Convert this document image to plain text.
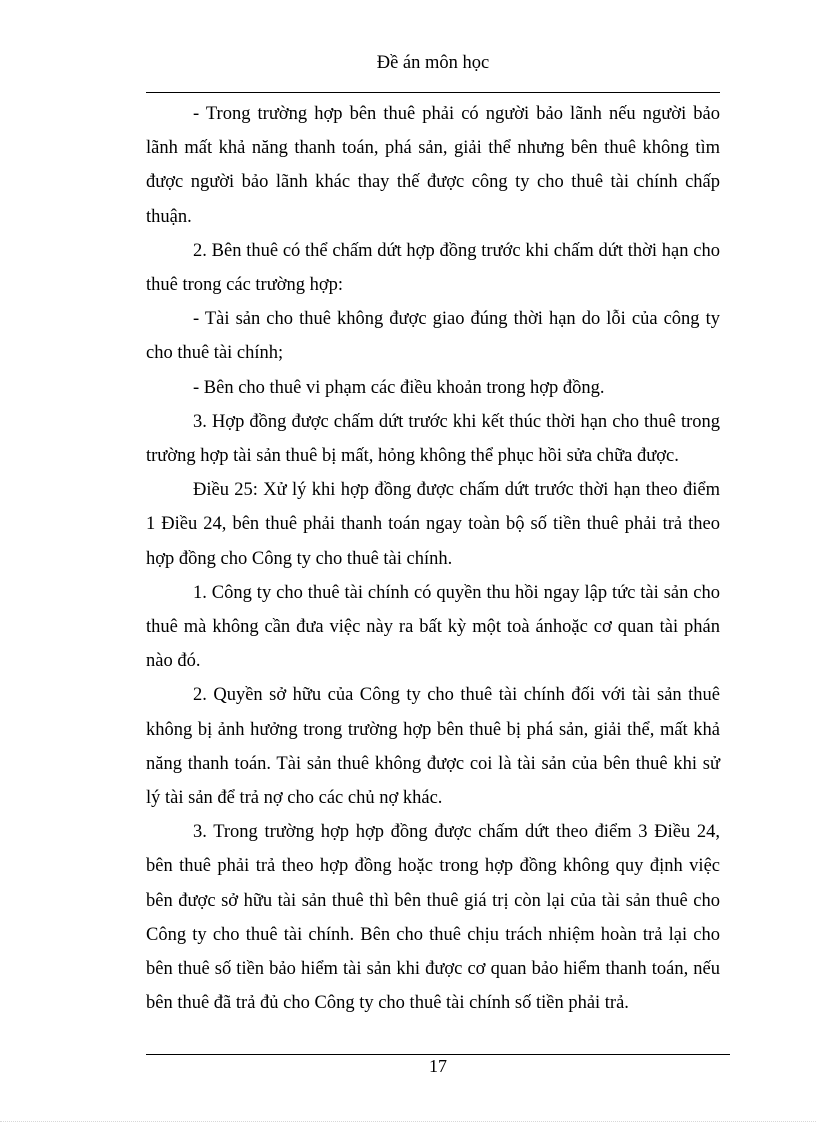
Đề án môn học

- Trong trường hợp bên thuê phải có người bảo lãnh nếu người bảo lãnh mất khả năng thanh toán, phá sản, giải thể nhưng bên thuê không tìm được người bảo lãnh khác thay thế được công ty cho thuê tài chính chấp thuận.

2. Bên thuê có thể chấm dứt hợp đồng trước khi chấm dứt thời hạn cho thuê trong các trường hợp:

- Tài sản cho thuê không được giao đúng thời hạn do lỗi của công ty cho thuê tài chính;

- Bên cho thuê vi phạm các điều khoản trong hợp đồng.

3. Hợp đồng được chấm dứt trước khi kết thúc thời hạn cho thuê trong trường hợp tài sản thuê bị mất, hỏng không thể phục hồi sửa chữa được.

Điều 25: Xử lý khi hợp đồng được chấm dứt trước thời hạn theo điểm 1 Điều 24, bên thuê phải thanh toán ngay toàn bộ số tiền thuê phải trả theo hợp đồng cho Công ty cho thuê tài chính.

1. Công ty cho thuê tài chính có quyền thu hồi ngay lập tức tài sản cho thuê mà không cần đưa việc này ra bất kỳ một toà ánhoặc cơ quan tài phán nào đó.

2. Quyền sở hữu của Công ty cho thuê tài chính đối với tài sản thuê không bị ảnh hưởng trong trường hợp bên thuê bị phá sản, giải thể, mất khả năng thanh toán. Tài sản thuê không được coi là tài sản của bên thuê khi sử lý tài sản để trả nợ cho các chủ nợ khác.

3. Trong trường hợp hợp đồng được chấm dứt theo điểm 3 Điều 24, bên thuê phải trả theo hợp đồng hoặc trong hợp đồng không quy định việc bên được sở hữu tài sản thuê thì bên thuê giá trị còn lại của tài sản thuê cho Công ty cho thuê tài chính. Bên cho thuê chịu trách nhiệm hoàn trả lại cho bên thuê số tiền bảo hiểm tài sản khi được cơ quan bảo hiểm thanh toán, nếu bên thuê đã trả đủ cho Công ty cho thuê tài chính số tiền phải trả.

17
